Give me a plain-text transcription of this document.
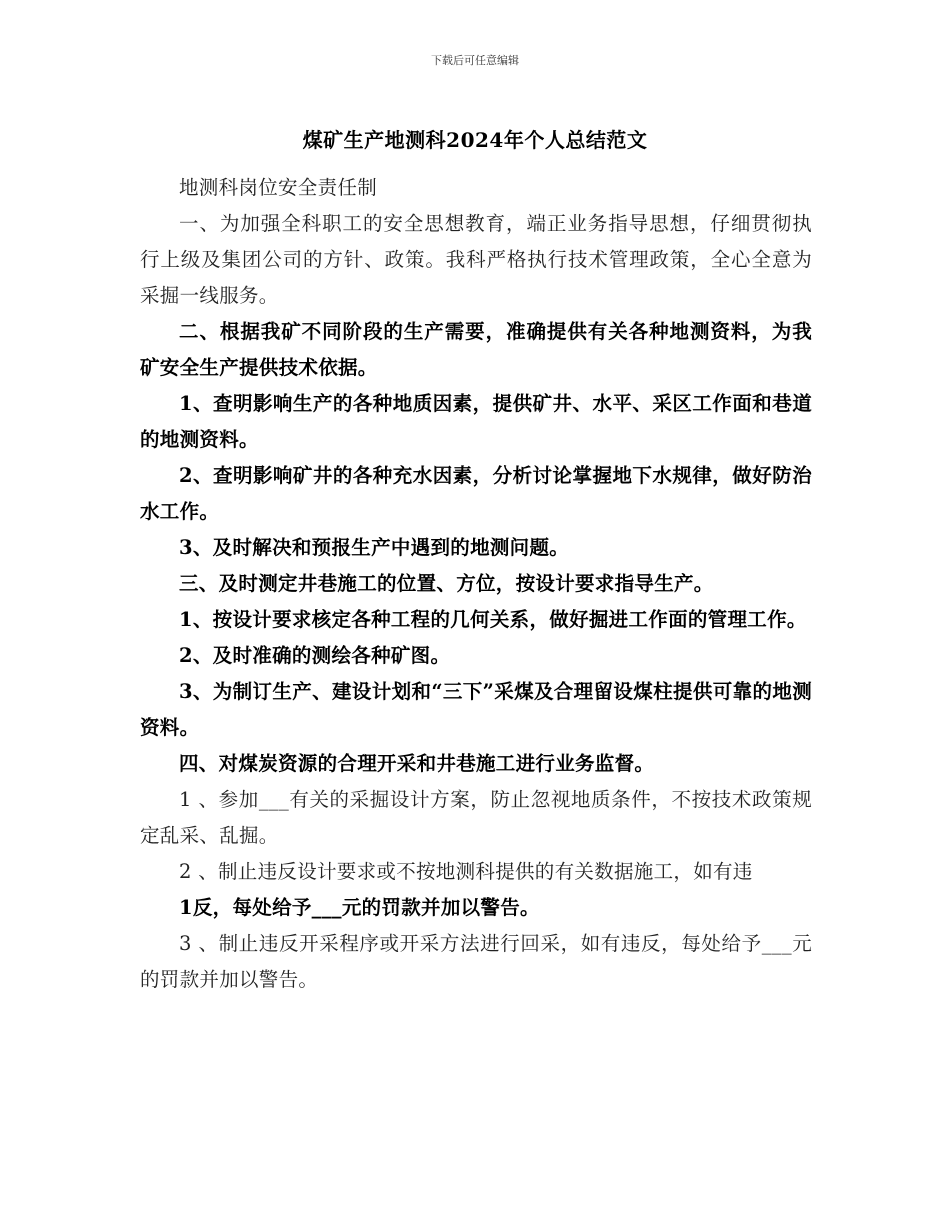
下载后可任意编辑
煤矿生产地测科2024年个人总结范文

地测科岗位安全责任制

一、为加强全科职工的安全思想教育，端正业务指导思想，仔细贯彻执行上级及集团公司的方针、政策。我科严格执行技术管理政策，全心全意为采掘一线服务。

二、根据我矿不同阶段的生产需要，准确提供有关各种地测资料，为我矿安全生产提供技术依据。

1、查明影响生产的各种地质因素，提供矿井、水平、采区工作面和巷道的地测资料。

2、查明影响矿井的各种充水因素，分析讨论掌握地下水规律，做好防治水工作。

3、及时解决和预报生产中遇到的地测问题。

三、及时测定井巷施工的位置、方位，按设计要求指导生产。

1、按设计要求核定各种工程的几何关系，做好掘进工作面的管理工作。

2、及时准确的测绘各种矿图。

3、为制订生产、建设计划和“三下”采煤及合理留设煤柱提供可靠的地测资料。

四、对煤炭资源的合理开采和井巷施工进行业务监督。

1 、参加___有关的采掘设计方案，防止忽视地质条件，不按技术政策规定乱采、乱掘。

2 、制止违反设计要求或不按地测科提供的有关数据施工，如有违

1反，每处给予___元的罚款并加以警告。

3 、制止违反开采程序或开采方法进行回采，如有违反，每处给予___元的罚款并加以警告。
